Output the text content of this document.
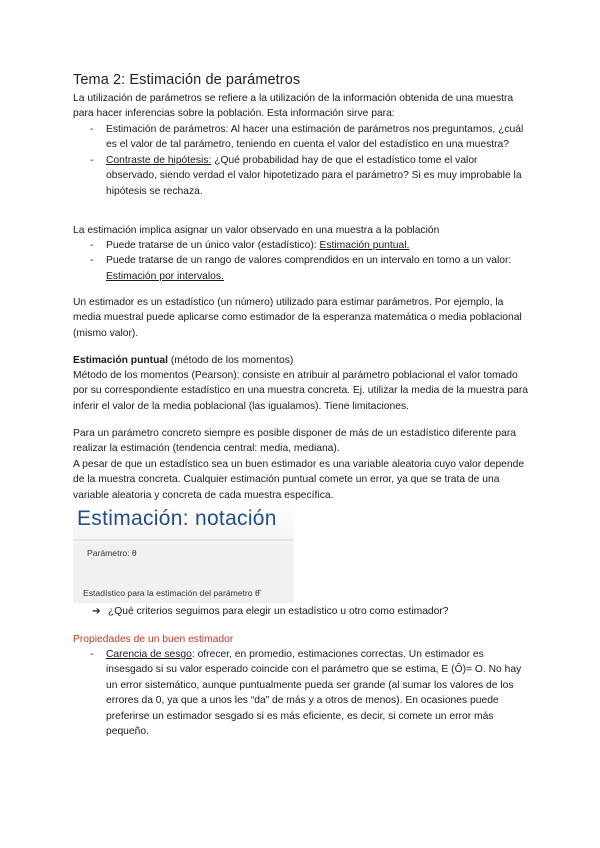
Tema 2: Estimación de parámetros
La utilización de parámetros se refiere a la utilización de la información obtenida de una muestra para hacer inferencias sobre la población. Esta información sirve para:
- Estimación de parámetros: Al hacer una estimación de parámetros nos preguntamos, ¿cuál es el valor de tal parámetro, teniendo en cuenta el valor del estadístico en una muestra?
- Contraste de hipótesis: ¿Qué probabilidad hay de que el estadístico tome el valor observado, siendo verdad el valor hipotetizado para el parámetro? Si es muy improbable la hipótesis se rechaza.
La estimación implica asignar un valor observado en una muestra a la población
- Puede tratarse de un único valor (estadístico): Estimación puntual.
- Puede tratarse de un rango de valores comprendidos en un intervalo en torno a un valor: Estimación por intervalos.
Un estimador es un estadístico (un número) utilizado para estimar parámetros. Por ejemplo, la media muestral puede aplicarse como estimador de la esperanza matemática o media poblacional (mismo valor).
Estimación puntual (método de los momentos)
Método de los momentos (Pearson): consiste en atribuir al parámetro poblacional el valor tomado por su correspondiente estadístico en una muestra concreta. Ej. utilizar la media de la muestra para inferir el valor de la media poblacional (las igualamos). Tiene limitaciones.
Para un parámetro concreto siempre es posible disponer de más de un estadístico diferente para realizar la estimación (tendencia central: media, mediana).
A pesar de que un estadístico sea un buen estimador es una variable aleatoria cuyo valor depende de la muestra concreta. Cualquier estimación puntual comete un error, ya que se trata de una variable aleatoria y concreta de cada muestra específica.
Estimación: notación
Parámetro: θ
Estadístico para la estimación del parámetro θ̂
➔ ¿Qué criterios seguimos para elegir un estadístico u otro como estimador?
Propiedades de un buen estimador
- Carencia de sesgo: ofrecer, en promedio, estimaciones correctas. Un estimador es insesgado si su valor esperado coincide con el parámetro que se estima, E (Ô)= O. No hay un error sistemático, aunque puntualmente pueda ser grande (al sumar los valores de los errores da 0, ya que a unos les “da” de más y a otros de menos). En ocasiones puede preferirse un estimador sesgado si es más eficiente, es decir, si comete un error más pequeño.
